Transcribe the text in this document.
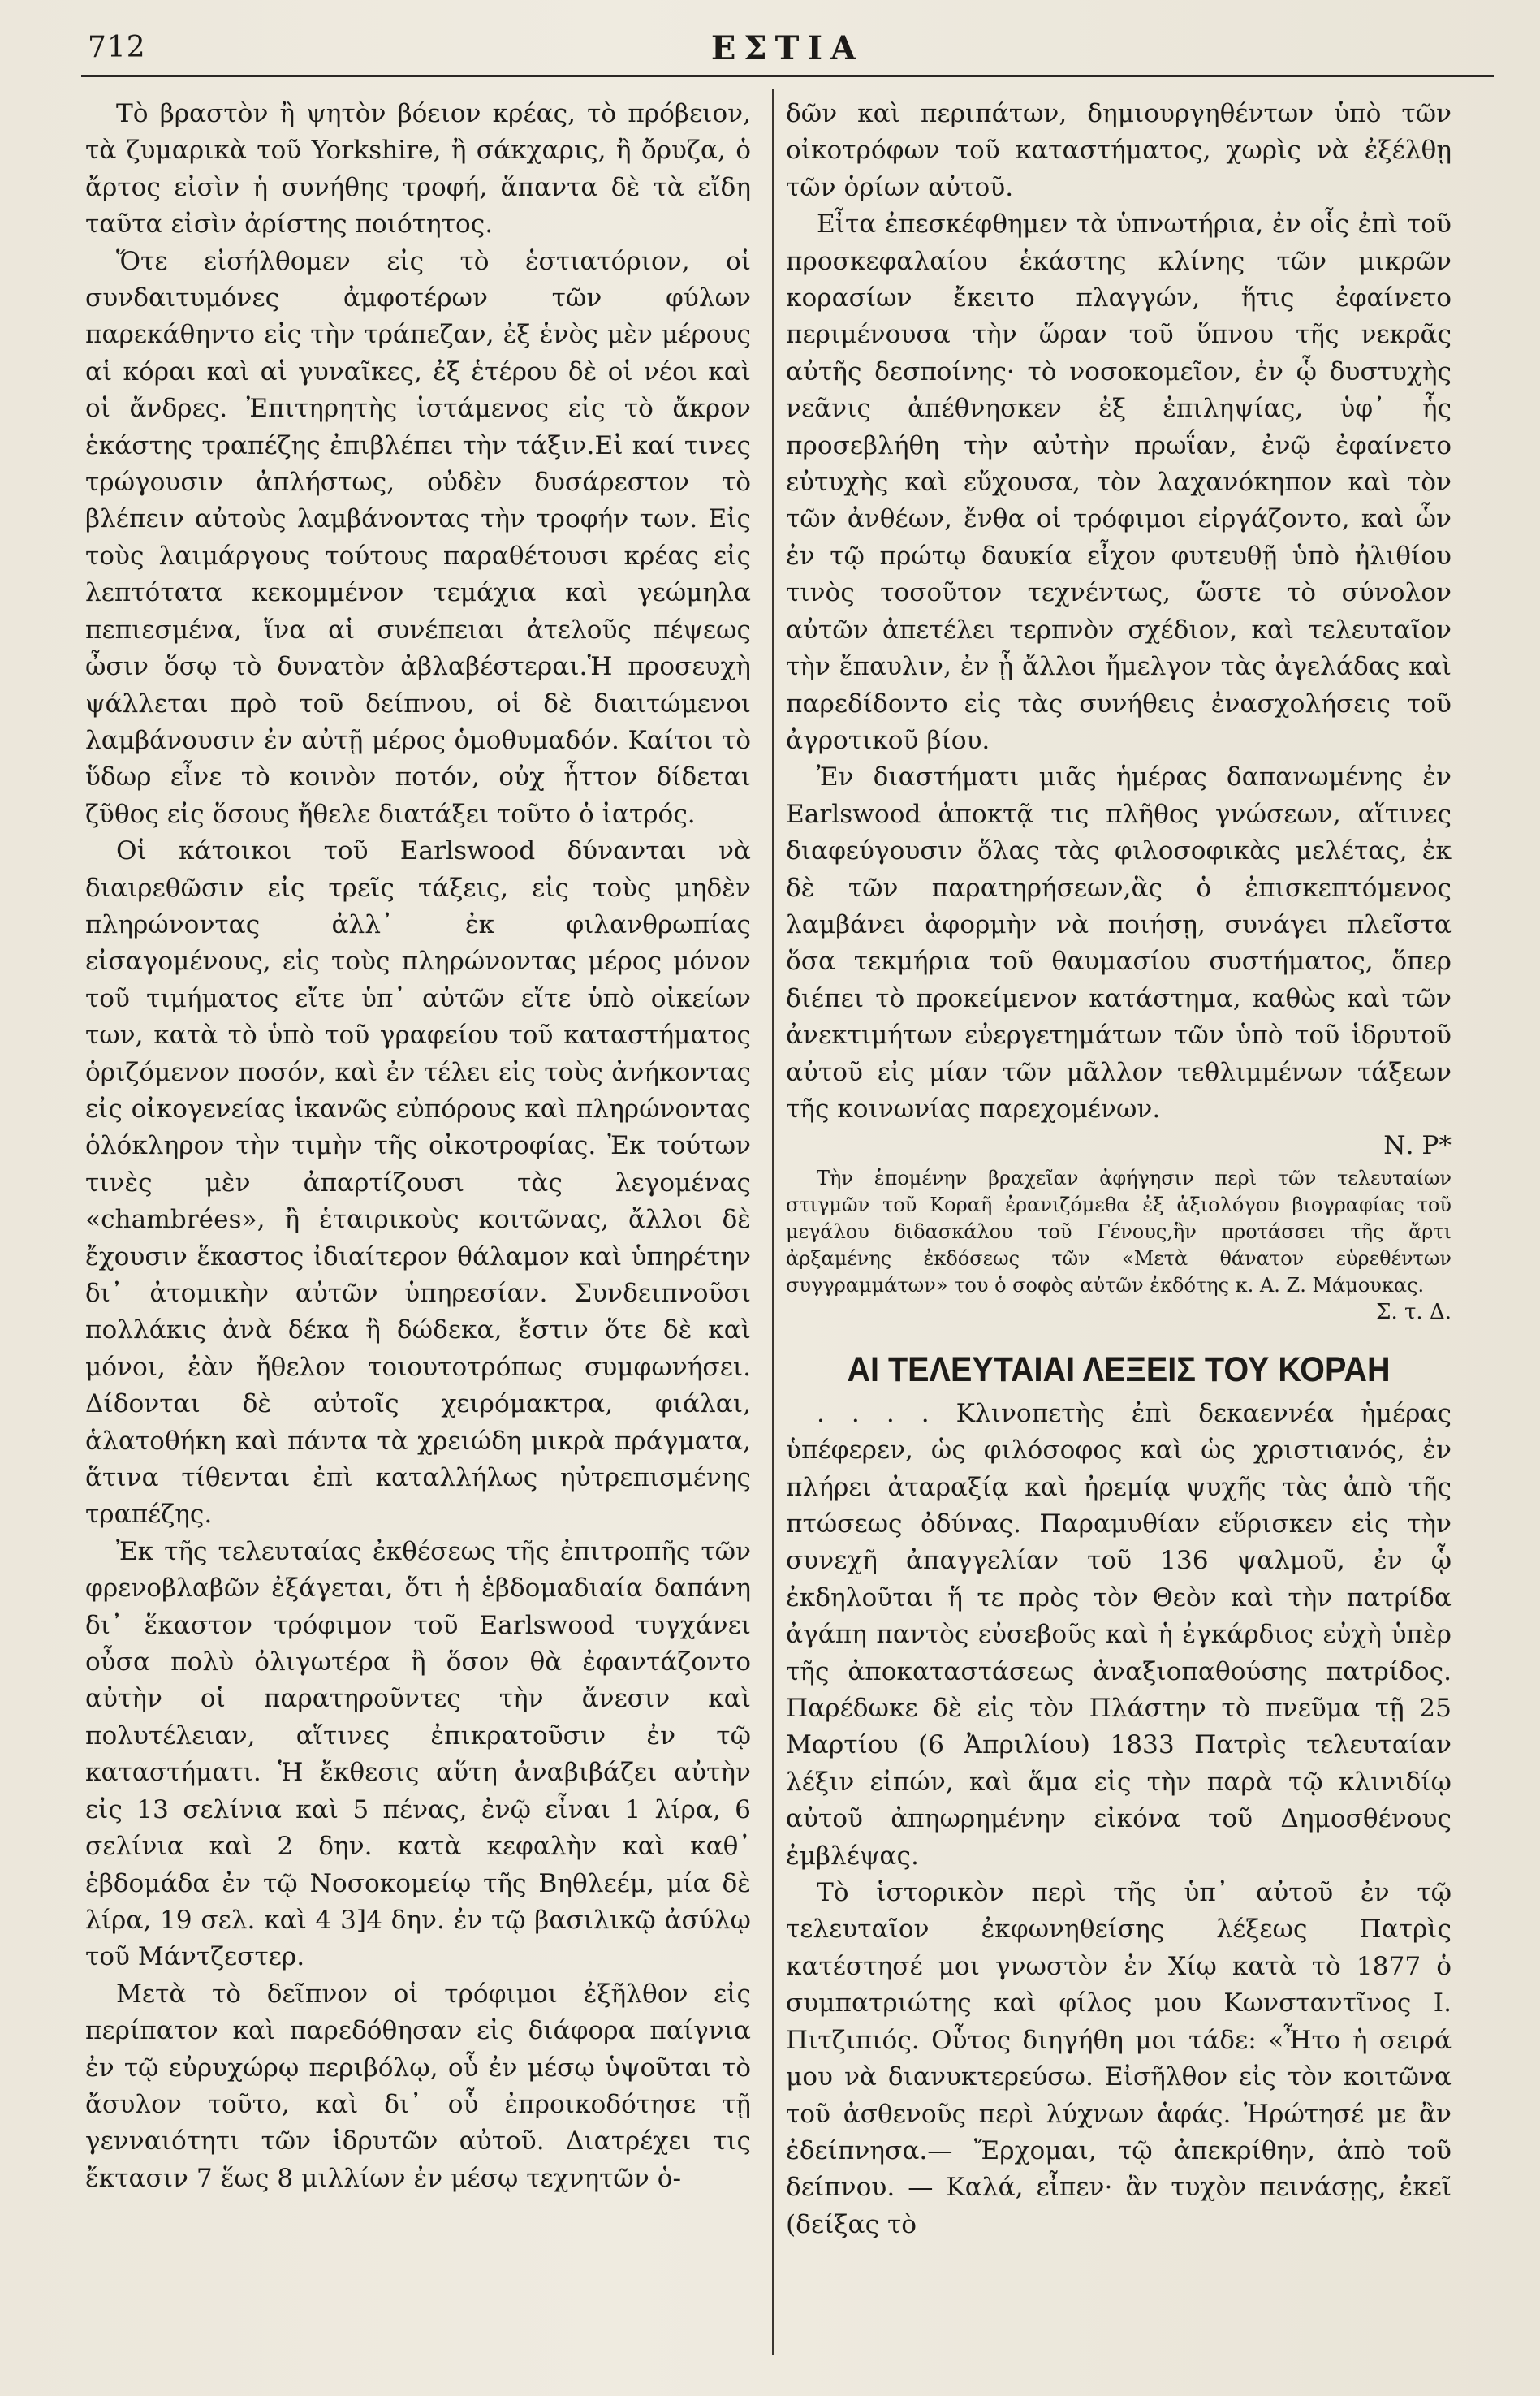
712	ΕΣΤΙΑ

Τὸ βραστὸν ἢ ψητὸν βόειον κρέας, τὸ πρόβειον, τὰ ζυμαρικὰ τοῦ Yorkshire, ἢ σάκχαρις, ἢ ὄρυζα, ὁ ἄρτος εἰσὶν ἡ συνήθης τροφή, ἅπαντα δὲ τὰ εἴδη ταῦτα εἰσὶν ἀρίστης ποιότητος.

Ὅτε εἰσήλθομεν εἰς τὸ ἑστιατόριον, οἱ συνδαιτυμόνες ἀμφοτέρων τῶν φύλων παρεκάθηντο εἰς τὴν τράπεζαν, ἐξ ἑνὸς μὲν μέρους αἱ κόραι καὶ αἱ γυναῖκες, ἐξ ἑτέρου δὲ οἱ νέοι καὶ οἱ ἄνδρες. Ἐπιτηρητὴς ἱστάμενος εἰς τὸ ἄκρον ἑκάστης τραπέζης ἐπιβλέπει τὴν τάξιν.Εἰ καί τινες τρώγουσιν ἀπλήστως, οὐδὲν δυσάρεστον τὸ βλέπειν αὐτοὺς λαμβάνοντας τὴν τροφήν των. Εἰς τοὺς λαιμάργους τούτους παραθέτουσι κρέας εἰς λεπτότατα κεκομμένον τεμάχια καὶ γεώμηλα πεπιεσμένα, ἵνα αἱ συνέπειαι ἀτελοῦς πέψεως ὦσιν ὅσῳ τὸ δυνατὸν ἀβλαβέστεραι.Ἡ προσευχὴ ψάλλεται πρὸ τοῦ δείπνου, οἱ δὲ διαιτώμενοι λαμβάνουσιν ἐν αὐτῇ μέρος ὁμοθυμαδόν. Καίτοι τὸ ὕδωρ εἶνε τὸ κοινὸν ποτόν, οὐχ ἧττον δίδεται ζῦθος εἰς ὅσους ἤθελε διατάξει τοῦτο ὁ ἰατρός.

Οἱ κάτοικοι τοῦ Earlswood δύνανται νὰ διαιρεθῶσιν εἰς τρεῖς τάξεις, εἰς τοὺς μηδὲν πληρώνοντας ἀλλ᾽ ἐκ φιλανθρωπίας εἰσαγομένους, εἰς τοὺς πληρώνοντας μέρος μόνον τοῦ τιμήματος εἴτε ὑπ᾽ αὐτῶν εἴτε ὑπὸ οἰκείων των, κατὰ τὸ ὑπὸ τοῦ γραφείου τοῦ καταστήματος ὁριζόμενον ποσόν, καὶ ἐν τέλει εἰς τοὺς ἀνήκοντας εἰς οἰκογενείας ἱκανῶς εὐπόρους καὶ πληρώνοντας ὁλόκληρον τὴν τιμὴν τῆς οἰκοτροφίας. Ἐκ τούτων τινὲς μὲν ἀπαρτίζουσι τὰς λεγομένας «chambrées», ἢ ἑταιρικοὺς κοιτῶνας, ἄλλοι δὲ ἔχουσιν ἕκαστος ἰδιαίτερον θάλαμον καὶ ὑπηρέτην δι᾽ ἀτομικὴν αὐτῶν ὑπηρεσίαν. Συνδειπνοῦσι πολλάκις ἀνὰ δέκα ἢ δώδεκα, ἔστιν ὅτε δὲ καὶ μόνοι, ἐὰν ἤθελον τοιουτοτρόπως συμφωνήσει. Δίδονται δὲ αὐτοῖς χειρόμακτρα, φιάλαι, ἁλατοθήκη καὶ πάντα τὰ χρειώδη μικρὰ πράγματα, ἅτινα τίθενται ἐπὶ καταλλήλως ηὐτρεπισμένης τραπέζης.

Ἐκ τῆς τελευταίας ἐκθέσεως τῆς ἐπιτροπῆς τῶν φρενοβλαβῶν ἐξάγεται, ὅτι ἡ ἑβδομαδιαία δαπάνη δι᾽ ἕκαστον τρόφιμον τοῦ Earlswood τυγχάνει οὖσα πολὺ ὀλιγωτέρα ἢ ὅσον θὰ ἐφαντάζοντο αὐτὴν οἱ παρατηροῦντες τὴν ἄνεσιν καὶ πολυτέλειαν, αἵτινες ἐπικρατοῦσιν ἐν τῷ καταστήματι. Ἡ ἔκθεσις αὕτη ἀναβιβάζει αὐτὴν εἰς 13 σελίνια καὶ 5 πένας, ἐνῷ εἶναι 1 λίρα, 6 σελίνια καὶ 2 δην. κατὰ κεφαλὴν καὶ καθ᾽ ἑβδομάδα ἐν τῷ Νοσοκομείῳ τῆς Βηθλεέμ, μία δὲ λίρα, 19 σελ. καὶ 4 3]4 δην. ἐν τῷ βασιλικῷ ἀσύλῳ τοῦ Μάντζεστερ.

Μετὰ τὸ δεῖπνον οἱ τρόφιμοι ἐξῆλθον εἰς περίπατον καὶ παρεδόθησαν εἰς διάφορα παίγνια ἐν τῷ εὐρυχώρῳ περιβόλῳ, οὗ ἐν μέσῳ ὑψοῦται τὸ ἄσυλον τοῦτο, καὶ δι᾽ οὗ ἐπροικοδότησε τῇ γενναιότητι τῶν ἱδρυτῶν αὐτοῦ. Διατρέχει τις ἔκτασιν 7 ἕως 8 μιλλίων ἐν μέσῳ τεχνητῶν ὁ-

δῶν καὶ περιπάτων, δημιουργηθέντων ὑπὸ τῶν οἰκοτρόφων τοῦ καταστήματος, χωρὶς νὰ ἐξέλθῃ τῶν ὁρίων αὐτοῦ.

Εἶτα ἐπεσκέφθημεν τὰ ὑπνωτήρια, ἐν οἷς ἐπὶ τοῦ προσκεφαλαίου ἑκάστης κλίνης τῶν μικρῶν κορασίων ἔκειτο πλαγγών, ἥτις ἐφαίνετο περιμένουσα τὴν ὥραν τοῦ ὕπνου τῆς νεκρᾶς αὐτῆς δεσποίνης· τὸ νοσοκομεῖον, ἐν ᾧ δυστυχὴς νεᾶνις ἀπέθνησκεν ἐξ ἐπιληψίας, ὑφ᾽ ἧς προσεβλήθη τὴν αὐτὴν πρωΐαν, ἐνῷ ἐφαίνετο εὐτυχὴς καὶ εὔχουσα, τὸν λαχανόκηπον καὶ τὸν τῶν ἀνθέων, ἔνθα οἱ τρόφιμοι εἰργάζοντο, καὶ ὧν ἐν τῷ πρώτῳ δαυκία εἶχον φυτευθῇ ὑπὸ ἠλιθίου τινὸς τοσοῦτον τεχνέντως, ὥστε τὸ σύνολον αὐτῶν ἀπετέλει τερπνὸν σχέδιον, καὶ τελευταῖον τὴν ἔπαυλιν, ἐν ᾗ ἄλλοι ἤμελγον τὰς ἀγελάδας καὶ παρεδίδοντο εἰς τὰς συνήθεις ἐνασχολήσεις τοῦ ἀγροτικοῦ βίου.

Ἐν διαστήματι μιᾶς ἡμέρας δαπανωμένης ἐν Earlswood ἀποκτᾷ τις πλῆθος γνώσεων, αἵτινες διαφεύγουσιν ὅλας τὰς φιλοσοφικὰς μελέτας, ἐκ δὲ τῶν παρατηρήσεων,ἃς ὁ ἐπισκεπτόμενος λαμβάνει ἀφορμὴν νὰ ποιήσῃ, συνάγει πλεῖστα ὅσα τεκμήρια τοῦ θαυμασίου συστήματος, ὅπερ διέπει τὸ προκείμενον κατάστημα, καθὼς καὶ τῶν ἀνεκτιμήτων εὐεργετημάτων τῶν ὑπὸ τοῦ ἱδρυτοῦ αὐτοῦ εἰς μίαν τῶν μᾶλλον τεθλιμμένων τάξεων τῆς κοινωνίας παρεχομένων.

Ν. Ρ*

Τὴν ἑπομένην βραχεῖαν ἀφήγησιν περὶ τῶν τελευταίων στιγμῶν τοῦ Κοραῆ ἐρανιζόμεθα ἐξ ἀξιολόγου βιογραφίας τοῦ μεγάλου διδασκάλου τοῦ Γένους,ἣν προτάσσει τῆς ἄρτι ἀρξαμένης ἐκδόσεως τῶν «Μετὰ θάνατον εὑρεθέντων συγγραμμάτων» του ὁ σοφὸς αὐτῶν ἐκδότης κ. Α. Ζ. Μάμουκας.

Σ. τ. Δ.

ΑΙ ΤΕΛΕΥΤΑΙΑΙ ΛΕΞΕΙΣ ΤΟΥ ΚΟΡΑΗ

. . . . Κλινοπετὴς ἐπὶ δεκαεννέα ἡμέρας ὑπέφερεν, ὡς φιλόσοφος καὶ ὡς χριστιανός, ἐν πλήρει ἀταραξίᾳ καὶ ἠρεμίᾳ ψυχῆς τὰς ἀπὸ τῆς πτώσεως ὀδύνας. Παραμυθίαν εὕρισκεν εἰς τὴν συνεχῆ ἀπαγγελίαν τοῦ 136 ψαλμοῦ, ἐν ᾧ ἐκδηλοῦται ἥ τε πρὸς τὸν Θεὸν καὶ τὴν πατρίδα ἀγάπη παντὸς εὐσεβοῦς καὶ ἡ ἐγκάρδιος εὐχὴ ὑπὲρ τῆς ἀποκαταστάσεως ἀναξιοπαθούσης πατρίδος. Παρέδωκε δὲ εἰς τὸν Πλάστην τὸ πνεῦμα τῇ 25 Μαρτίου (6 Ἀπριλίου) 1833 Πατρὶς τελευταίαν λέξιν εἰπών, καὶ ἅμα εἰς τὴν παρὰ τῷ κλινιδίῳ αὐτοῦ ἀπηωρημένην εἰκόνα τοῦ Δημοσθένους ἐμβλέψας.

Τὸ ἱστορικὸν περὶ τῆς ὑπ᾽ αὐτοῦ ἐν τῷ τελευταῖον ἐκφωνηθείσης λέξεως Πατρὶς κατέστησέ μοι γνωστὸν ἐν Χίῳ κατὰ τὸ 1877 ὁ συμπατριώτης καὶ φίλος μου Κωνσταντῖνος Ι. Πιτζιπιός. Οὗτος διηγήθη μοι τάδε: «Ἦτο ἡ σειρά μου νὰ διανυκτερεύσω. Εἰσῆλθον εἰς τὸν κοιτῶνα τοῦ ἀσθενοῦς περὶ λύχνων ἁφάς. Ἠρώτησέ με ἂν ἐδείπνησα.— Ἔρχομαι, τῷ ἀπεκρίθην, ἀπὸ τοῦ δείπνου. — Καλά, εἶπεν· ἂν τυχὸν πεινάσῃς, ἐκεῖ (δείξας τὸ
